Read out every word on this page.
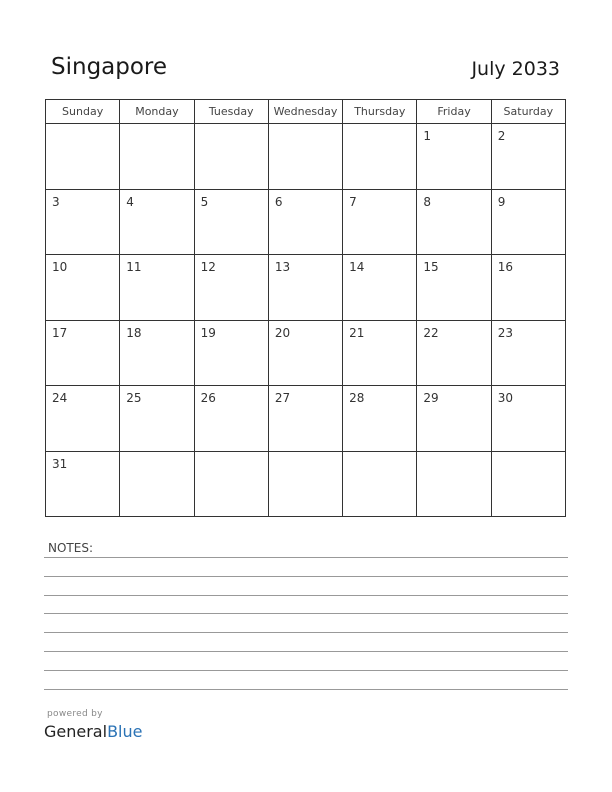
Singapore	July 2033
Sunday	Monday	Tuesday	Wednesday	Thursday	Friday	Saturday

					1	2

3	4	5	6	7	8	9

10	11	12	13	14	15	16

17	18	19	20	21	22	23

24	25	26	27	28	29	30

31						

NOTES:
powered by
GeneralBlue
